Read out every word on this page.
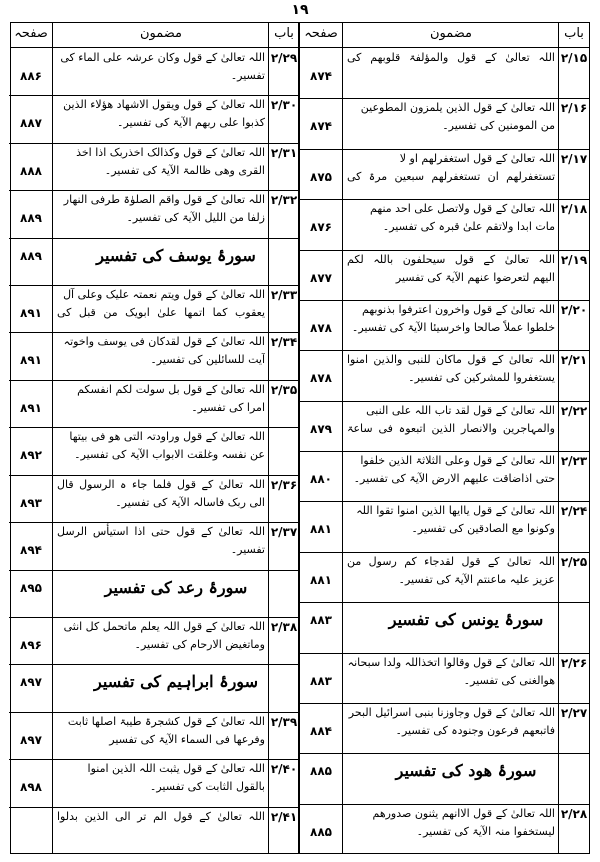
۱۹
باب
مضمون
صفحہ
باب
مضمون
صفحہ
۲/۱۵
اللہ تعالیٰ کے قول والمؤلفۃ قلوبھم کی
۸۷۴
۲/۱۶
اللہ تعالیٰ کے قول الذین یلمزون المطوعین
من المومنین کی تفسیر۔
۸۷۴
۲/۱۷
اللہ تعالیٰ کے قول استغفرلھم او لا
تستغفرلھم ان تستغفرلھم سبعین مرۃ کی
۸۷۵
۲/۱۸
اللہ تعالیٰ کے قول ولاتصل علی احد منھم
مات ابدا ولاتقم علیٰ قبرہ کی تفسیر۔
۸۷۶
۲/۱۹
اللہ تعالیٰ کے قول سیحلفون باللہ لکم
الیھم لتعرضوا عنھم الآیۃ کی تفسیر
۸۷۷
۲/۲۰
اللہ تعالیٰ کے قول واخرون اعترفوا بذنوبھم
خلطوا عملاً صالحا واخرسیئا الآیۃ کی تفسیر۔
۸۷۸
۲/۲۱
اللہ تعالیٰ کے قول ماکان للنبی والذین امنوا
یستغفروا للمشرکین کی تفسیر۔
۸۷۸
۲/۲۲
اللہ تعالیٰ کے قول لقد تاب اللہ علی النبی
والمہاجرین والانصار الذین اتبعوہ فی ساعۃ
۸۷۹
۲/۲۳
اللہ تعالیٰ کے قول وعلی الثلاثۃ الذین خلفوا
حتی اذاضاقت علیھم الارض الآیۃ کی تفسیر۔
۸۸۰
۲/۲۴
اللہ تعالیٰ کے قول یاایھا الذین امنوا تقوا اللہ
وکونوا مع الصادقین کی تفسیر۔
۸۸۱
۲/۲۵
اللہ تعالیٰ کے قول لقدجاء کم رسول من
عزیز علیہ ماعنتم الآیۃ کی تفسیر۔
۸۸۱
سورۂ یونس کی تفسیر
۸۸۳
۲/۲۶
اللہ تعالیٰ کے قول وقالوا اتخذاللہ ولدا سبحانہ
ھوالغنی کی تفسیر۔
۸۸۳
۲/۲۷
اللہ تعالیٰ کے قول وجاوزنا بنبی اسرائیل البحر
فاتبعھم فرعون وجنودہ کی تفسیر۔
۸۸۴
سورۂ ھود کی تفسیر
۸۸۵
۲/۲۸
اللہ تعالیٰ کے قول الاانھم یثنون صدورھم
لیستخفوا منہ الآیۃ کی تفسیر۔
۸۸۵
۲/۲۹
اللہ تعالیٰ کے قول وکان عرشہ علی الماء کی
تفسیر۔
۸۸۶
۲/۳۰
اللہ تعالیٰ کے قول ویقول الاشھاد ھؤلاء الذین
کذبوا علی ربھم الآیۃ کی تفسیر۔
۸۸۷
۲/۳۱
اللہ تعالیٰ کے قول وکذالک اخذربک اذا اخذ
القری وھی ظالمۃ الآیۃ کی تفسیر۔
۸۸۸
۲/۳۲
اللہ تعالیٰ کے قول واقم الصلوٰۃ طرفی النھار
زلفا من اللیل الآیۃ کی تفسیر۔
۸۸۹
سورۂ یوسف کی تفسیر
۸۸۹
۲/۳۳
اللہ تعالیٰ کے قول ویتم نعمتہ علیک وعلی آل
یعقوب کما اتمھا علیٰ ابویک من قبل کی
۸۹۱
۲/۳۴
اللہ تعالیٰ کے قول لقدکان فی یوسف واخوتہ
آیت للسائلین کی تفسیر۔
۸۹۱
۲/۳۵
اللہ تعالیٰ کے قول بل سولت لکم انفسکم
امرا کی تفسیر۔
۸۹۱
اللہ تعالیٰ کے قول وراودتہ التی ھو فی بیتھا
عن نفسہ وغلقت الابواب الآیۃ کی تفسیر۔
۸۹۲
۲/۳۶
اللہ تعالیٰ کے قول فلما جاء ہ الرسول قال
الی ربک فاسالہ الآیۃ کی تفسیر۔
۸۹۳
۲/۳۷
اللہ تعالیٰ کے قول حتی اذا استیأس الرسل
تفسیر۔
۸۹۴
سورۂ رعد کی تفسیر
۸۹۵
۲/۳۸
اللہ تعالیٰ کے قول اللہ یعلم ماتحمل کل انثی
وماتغیض الارحام کی تفسیر۔
۸۹۶
سورۂ ابراہیم کی تفسیر
۸۹۷
۲/۳۹
اللہ تعالیٰ کے قول کشجرۃ طیبۃ اصلھا ثابت
وفرعھا فی السماء الآیۃ کی تفسیر
۸۹۷
۲/۴۰
اللہ تعالیٰ کے قول یثبت اللہ الذین امنوا
بالقول الثابت کی تفسیر۔
۸۹۸
۲/۴۱
اللہ تعالیٰ کے قول الم تر الی الذین بدلوا
